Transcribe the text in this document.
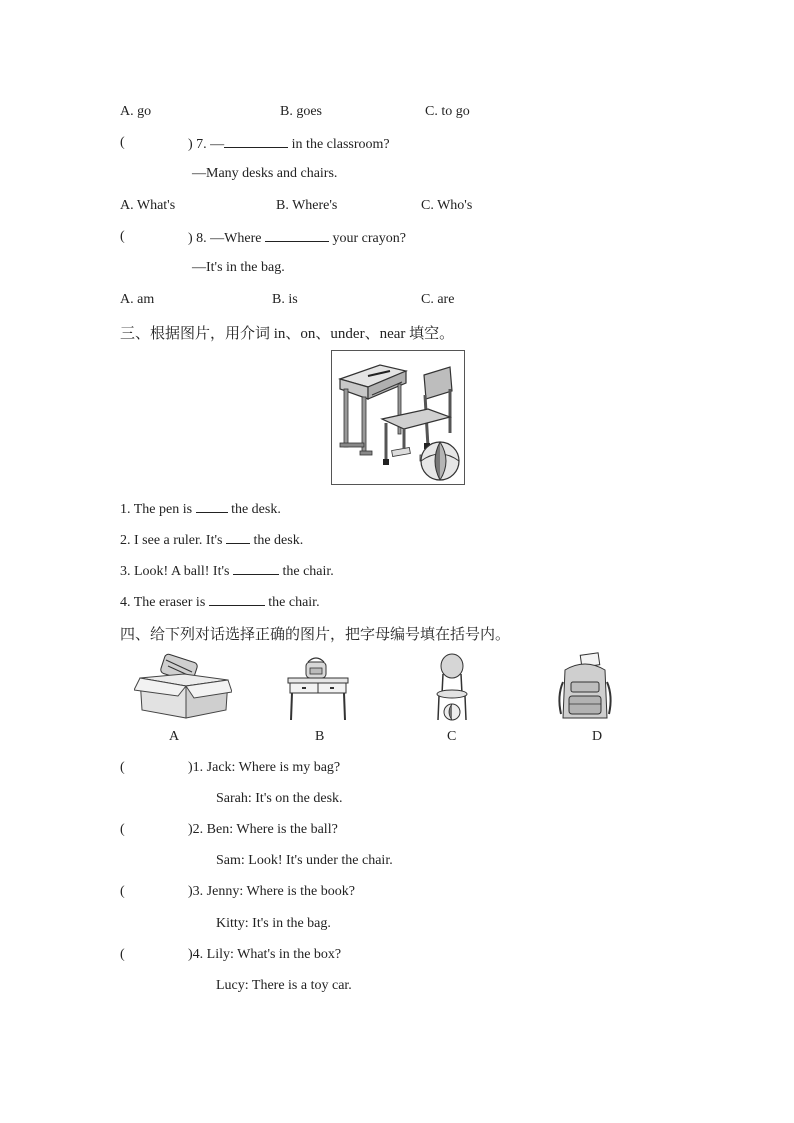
A. go	B. goes	C. to go
(	) 7. —	in the classroom?
—Many desks and chairs.
A. What's	B. Where's	C. Who's
(	) 8. —Where	your crayon?
—It's in the bag.
A. am	B. is	C. are
三、根据图片，用介词 in、on、under、near 填空。
1. The pen is	the desk.
2. I see a ruler. It's the desk.
3. Look! A ball! It's	the chair.
4. The eraser is	the chair.
四、给下列对话选择正确的图片，把字母编号填在括号内。
A	B	C	D
(	)1. Jack: Where is my bag?
Sarah: It's on the desk.
(	)2. Ben: Where is the ball?
Sam: Look! It's under the chair.
(	)3. Jenny: Where is the book?
Kitty: It's in the bag.
(	)4. Lily: What's in the box?
Lucy: There is a toy car.
